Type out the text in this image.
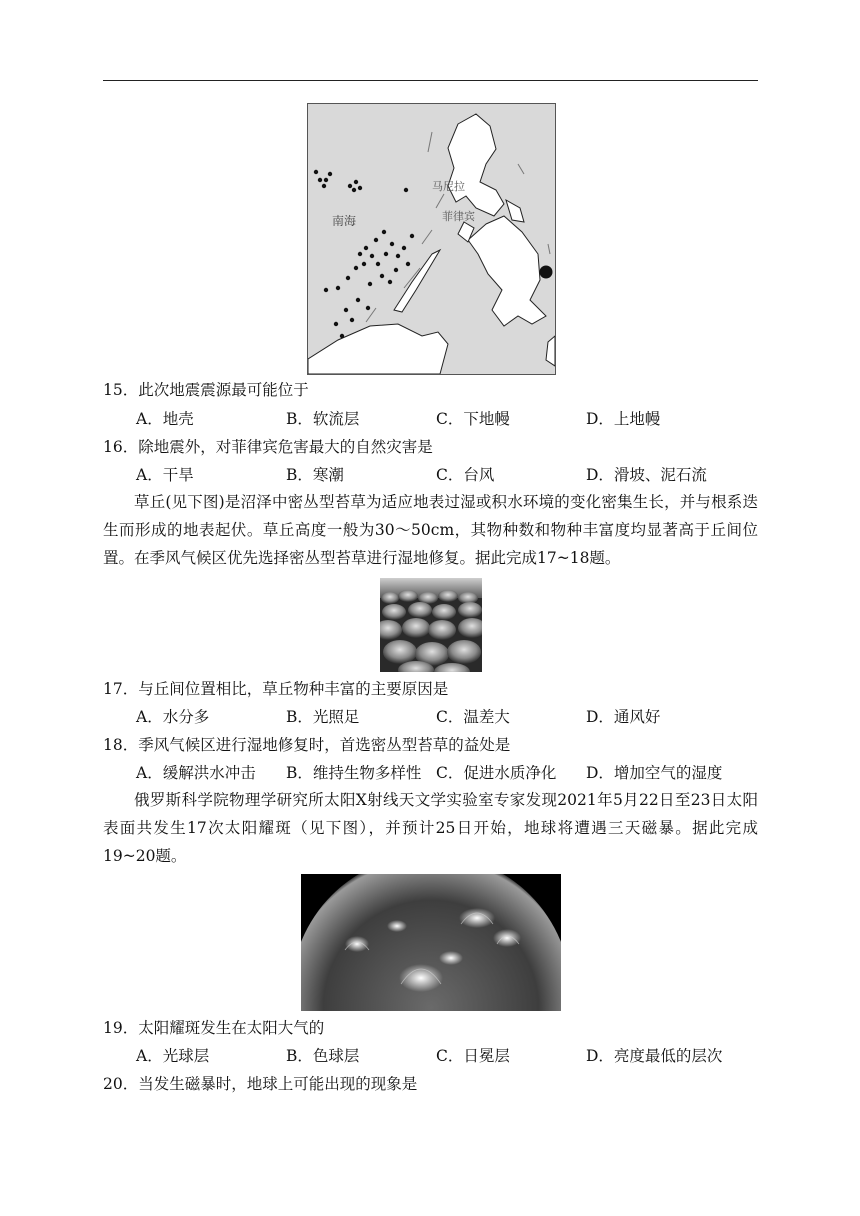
南海
马尼拉
菲律宾
15．此次地震震源最可能位于
A．地壳	B．软流层	C．下地幔	D．上地幔
16．除地震外，对菲律宾危害最大的自然灾害是
A．干旱	B．寒潮	C．台风	D．滑坡、泥石流

草丘(见下图)是沼泽中密丛型苔草为适应地表过湿或积水环境的变化密集生长，并与根系迭生而形成的地表起伏。草丘高度一般为30～50cm，其物种数和物种丰富度均显著高于丘间位置。在季风气候区优先选择密丛型苔草进行湿地修复。据此完成17~18题。

17．与丘间位置相比，草丘物种丰富的主要原因是
A．水分多	B．光照足	C．温差大	D．通风好
18．季风气候区进行湿地修复时，首选密丛型苔草的益处是
A．缓解洪水冲击 B．维持生物多样性 C．促进水质净化 D．增加空气的湿度

俄罗斯科学院物理学研究所太阳X射线天文学实验室专家发现2021年5月22日至23日太阳表面共发生17次太阳耀斑（见下图），并预计25日开始，地球将遭遇三天磁暴。据此完成19~20题。

19．太阳耀斑发生在太阳大气的
A．光球层	B．色球层	C．日冕层	D．亮度最低的层次
20．当发生磁暴时，地球上可能出现的现象是
